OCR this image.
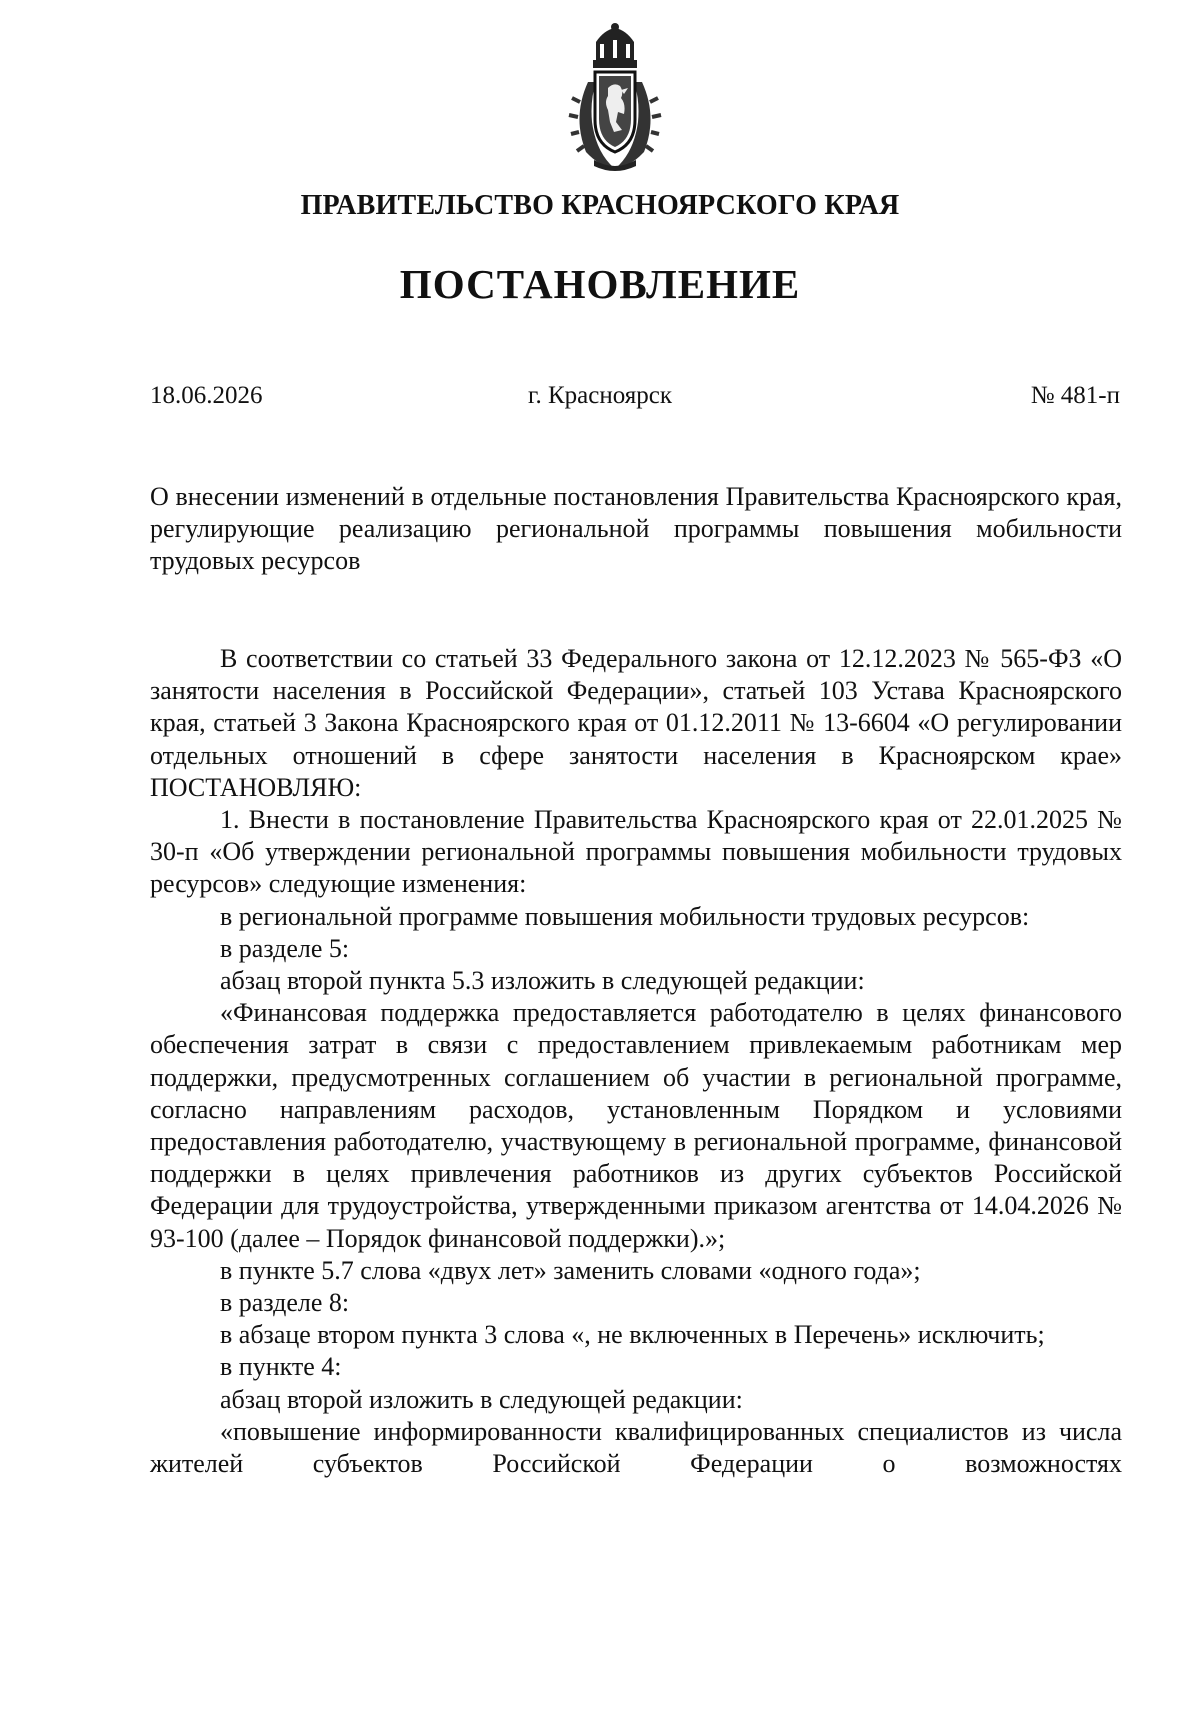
ПРАВИТЕЛЬСТВО КРАСНОЯРСКОГО КРАЯ
ПОСТАНОВЛЕНИЕ
18.06.2026	г. Красноярск	№ 481-п
О внесении изменений в отдельные постановления Правительства Красноярского края, регулирующие реализацию региональной программы повышения мобильности трудовых ресурсов

В соответствии со статьей 33 Федерального закона от 12.12.2023 № 565-ФЗ «О занятости населения в Российской Федерации», статьей 103 Устава Красноярского края, статьей 3 Закона Красноярского края от 01.12.2011 № 13-6604 «О регулировании отдельных отношений в сфере занятости населения в Красноярском крае» ПОСТАНОВЛЯЮ:

1. Внести в постановление Правительства Красноярского края от 22.01.2025 № 30-п «Об утверждении региональной программы повышения мобильности трудовых ресурсов» следующие изменения:

в региональной программе повышения мобильности трудовых ресурсов:

в разделе 5:

абзац второй пункта 5.3 изложить в следующей редакции:

«Финансовая поддержка предоставляется работодателю в целях финансового обеспечения затрат в связи с предоставлением привлекаемым работникам мер поддержки, предусмотренных соглашением об участии в региональной программе, согласно направлениям расходов, установленным Порядком и условиями предоставления работодателю, участвующему в региональной программе, финансовой поддержки в целях привлечения работников из других субъектов Российской Федерации для трудоустройства, утвержденными приказом агентства от 14.04.2026 № 93-100 (далее – Порядок финансовой поддержки).»;

в пункте 5.7 слова «двух лет» заменить словами «одного года»;

в разделе 8:

в абзаце втором пункта 3 слова «, не включенных в Перечень» исключить;

в пункте 4:

абзац второй изложить в следующей редакции:

«повышение информированности квалифицированных специалистов из числа жителей субъектов Российской Федерации о возможностях
